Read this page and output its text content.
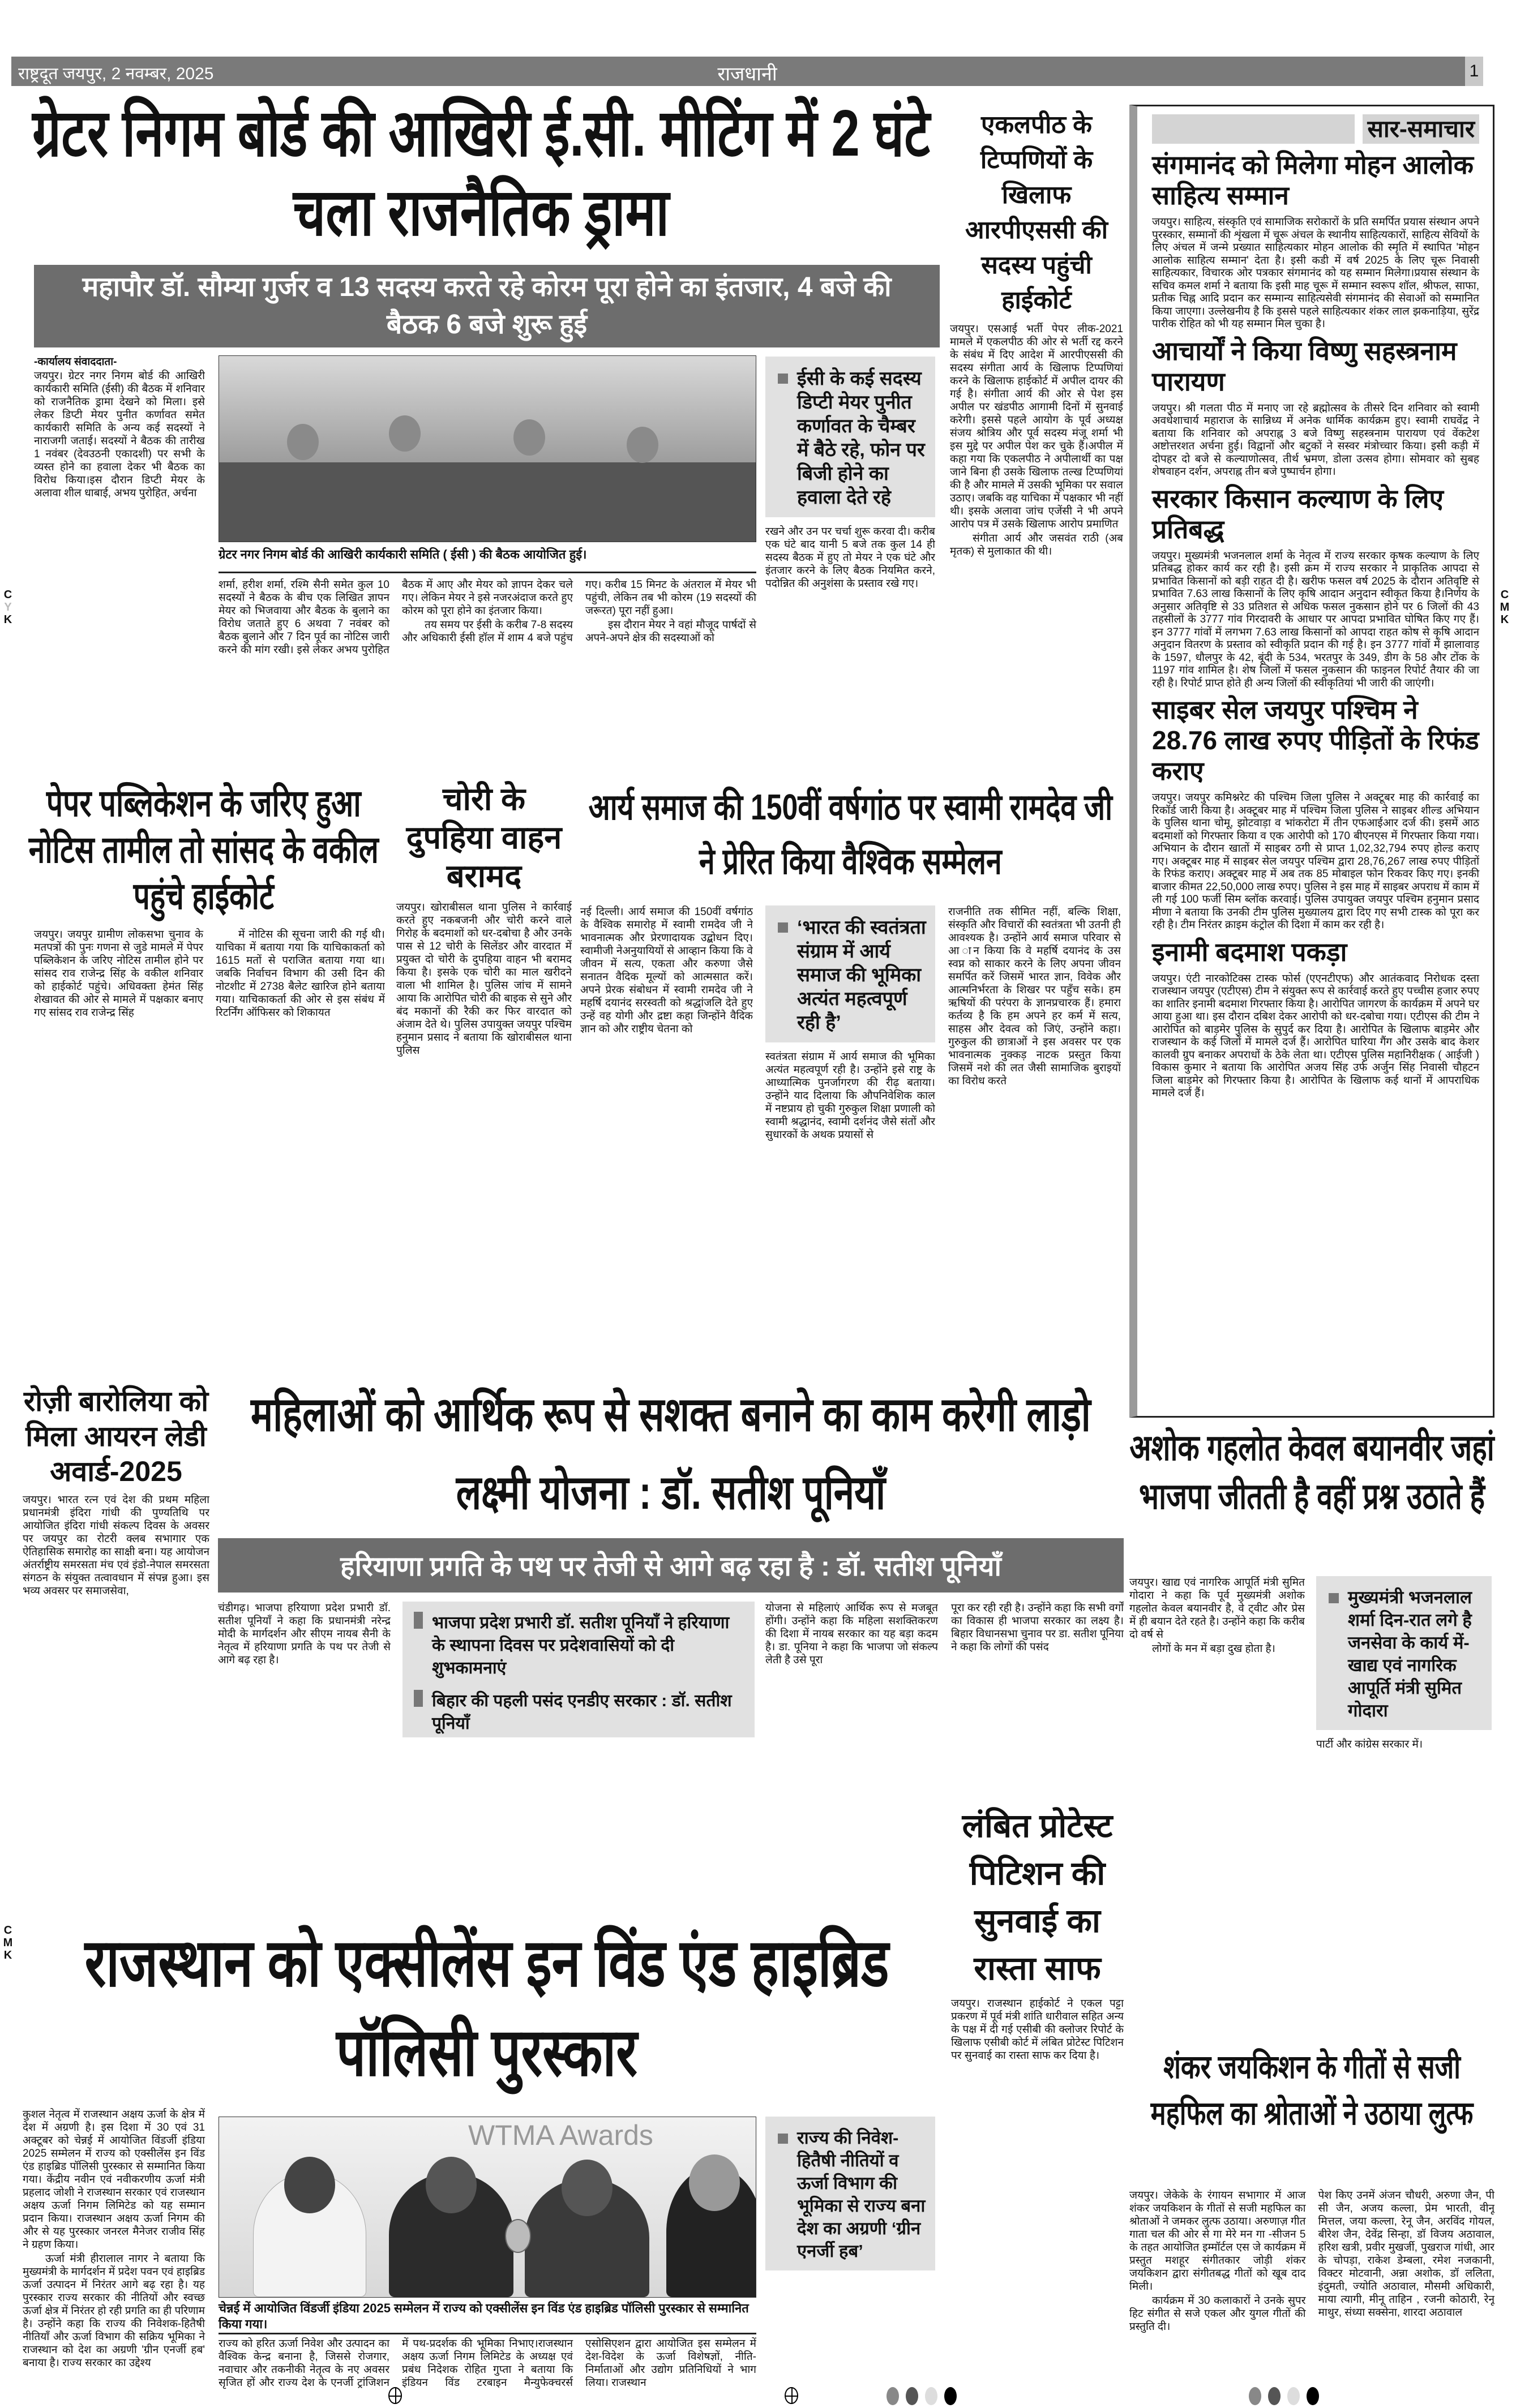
राष्ट्रदूत जयपुर, 2 नवम्बर, 2025	राजधानी	1
C
Y
K
C
M
K
C
M
K
ग्रेटर निगम बोर्ड की आखिरी ई.सी. मीटिंग में 2 घंटे चला राजनैतिक ड्रामा
महापौर डॉ. सौम्या गुर्जर व 13 सदस्य करते रहे कोरम पूरा होने का इंतजार, 4 बजे की बैठक 6 बजे शुरू हुई

-कार्यालय संवाददाता-

जयपुर। ग्रेटर नगर निगम बोर्ड की आखिरी कार्यकारी समिति (ईसी) की बैठक में शनिवार को राजनैतिक ड्रामा देखने को मिला। इसे लेकर डिप्टी मेयर पुनीत कर्णावत समेत कार्यकारी समिति के अन्य कई सदस्यों ने नाराजगी जताई। सदस्यों ने बैठक की तारीख 1 नवंबर (देवउठनी एकादशी) पर सभी के व्यस्त होने का हवाला देकर भी बैठक का विरोध किया।इस दौरान डिप्टी मेयर के अलावा शील धाबाई, अभय पुरोहित, अर्चना

ग्रेटर नगर निगम बोर्ड की आखिरी कार्यकारी समिति ( ईसी ) की बैठक आयोजित हुई।

शर्मा, हरीश शर्मा, रश्मि सैनी समेत कुल 10 सदस्यों ने बैठक के बीच एक लिखित ज्ञापन मेयर को भिजवाया और बैठक के बुलाने का विरोध जताते हुए 6 अथवा 7 नवंबर को बैठक बुलाने और 7 दिन पूर्व का नोटिस जारी करने की मांग रखी। इसे लेकर अभय पुरोहित बैठक में आए और मेयर को ज्ञापन देकर चले गए। लेकिन मेयर ने इसे नजरअंदाज करते हुए कोरम को पूरा होने का इंतजार किया।

तय समय पर ईसी के करीब 7-8 सदस्य और अधिकारी ईसी हॉल में शाम 4 बजे पहुंच गए। करीब 15 मिनट के अंतराल में मेयर भी पहुंची, लेकिन तब भी कोरम (19 सदस्यों की जरूरत) पूरा नहीं हुआ।

इस दौरान मेयर ने वहां मौजूद पार्षदों से अपने-अपने क्षेत्र की सदस्याओं को

ईसी के कई सदस्य डिप्टी मेयर पुनीत कर्णावत के चैम्बर में बैठे रहे, फोन पर बिजी होने का हवाला देते रहे

रखने और उन पर चर्चा शुरू करवा दी। करीब एक घंटे बाद यानी 5 बजे तक कुल 14 ही सदस्य बैठक में हुए तो मेयर ने एक घंटे और इंतजार करने के लिए बैठक नियमित करने, पदोन्नित की अनुशंसा के प्रस्ताव रखे गए।

एकलपीठ के टिप्पणियों के खिलाफ आरपीएससी की सदस्य पहुंची हाईकोर्ट

जयपुर। एसआई भर्ती पेपर लीक-2021 मामले में एकलपीठ की ओर से भर्ती रद्द करने के संबंध में दिए आदेश में आरपीएससी की सदस्य संगीता आर्य के खिलाफ टिप्पणियां करने के खिलाफ हाईकोर्ट में अपील दायर की गई है। संगीता आर्य की ओर से पेश इस अपील पर खंडपीठ आगामी दिनों में सुनवाई करेगी। इससे पहले आयोग के पूर्व अध्यक्ष संजय श्रोत्रिय और पूर्व सदस्य मंजू शर्मा भी इस मुद्दे पर अपील पेश कर चुके हैं।अपील में कहा गया कि एकलपीठ ने अपीलार्थी का पक्ष जाने बिना ही उसके खिलाफ तल्ख टिप्पणियां की है और मामले में उसकी भूमिका पर सवाल उठाए। जबकि वह याचिका में पक्षकार भी नहीं थी। इसके अलावा जांच एजेंसी ने भी अपने आरोप पत्र में उसके खिलाफ आरोप प्रमाणित

संगीता आर्य और जसवंत राठी (अब मृतक) से मुलाकात की थी।

सार-समाचार
संगमानंद को मिलेगा मोहन आलोक साहित्य सम्मान
जयपुर। साहित्य, संस्कृति एवं सामाजिक सरोकारों के प्रति समर्पित प्रयास संस्थान अपने पुरस्कार, सम्मानों की शृंखला में चूरू अंचल के स्थानीय साहित्यकारों, साहित्य सेवियों के लिए अंचल में जन्मे प्रख्यात साहित्यकार मोहन आलोक की स्मृति में स्थापित 'मोहन आलोक साहित्य सम्मान' देता है। इसी कडी में वर्ष 2025 के लिए चूरू निवासी साहित्यकार, विचारक ओर पत्रकार संगमानंद को यह सम्मान मिलेगा।प्रयास संस्थान के सचिव कमल शर्मा ने बताया कि इसी माह चूरू में सम्मान स्वरूप शॉल, श्रीफल, साफा, प्रतीक चिह्न आदि प्रदान कर सम्मान्य साहित्यसेवी संगमानंद की सेवाओं को सम्मानित किया जाएगा। उल्लेखनीय है कि इससे पहले साहित्यकार शंकर लाल झकनाड़िया, सुरेंद्र पारीक रोहित को भी यह सम्मान मिल चुका है।
आचार्यों ने किया विष्णु सहस्त्रनाम पारायण
जयपुर। श्री गलता पीठ में मनाए जा रहे ब्रह्मोत्सव के तीसरे दिन शनिवार को स्वामी अवधेशाचार्य महाराज के सान्निध्य में अनेक धार्मिक कार्यक्रम हुए। स्वामी राघवेंद्र ने बताया कि शनिवार को अपराह्न 3 बजे विष्णु सहस्त्रनाम पारायण एवं वेंकटेश अष्टोत्तरशत अर्चना हुई। विद्वानों और बटुकों ने सस्वर मंत्रोच्चार किया। इसी कड़ी में दोपहर दो बजे से कल्याणोत्सव, तीर्थ भ्रमण, डोला उत्सव होगा। सोमवार को सुबह शेषवाहन दर्शन, अपराह्न तीन बजे पुष्पार्चन होगा।
सरकार किसान कल्याण के लिए प्रतिबद्ध
जयपुर। मुख्यमंत्री भजनलाल शर्मा के नेतृत्व में राज्य सरकार कृषक कल्याण के लिए प्रतिबद्ध होकर कार्य कर रही है। इसी क्रम में राज्य सरकार ने प्राकृतिक आपदा से प्रभावित किसानों को बड़ी राहत दी है। खरीफ फसल वर्ष 2025 के दौरान अतिवृष्टि से प्रभावित 7.63 लाख किसानों के लिए कृषि आदान अनुदान स्वीकृत किया है।निर्णय के अनुसार अतिवृष्टि से 33 प्रतिशत से अधिक फसल नुकसान होने पर 6 जिलों की 43 तहसीलों के 3777 गांव गिरदावरी के आधार पर आपदा प्रभावित घोषित किए गए हैं। इन 3777 गांवों में लगभग 7.63 लाख किसानों को आपदा राहत कोष से कृषि आदान अनुदान वितरण के प्रस्ताव को स्वीकृति प्रदान की गई है। इन 3777 गांवों में झालावाड़ के 1597, धौलपुर के 42, बूंदी के 534, भरतपुर के 349, डीग के 58 और टोंक के 1197 गांव शामिल है। शेष जिलों में फसल नुकसान की फाइनल रिपोर्ट तैयार की जा रही है। रिपोर्ट प्राप्त होते ही अन्य जिलों की स्वीकृतियां भी जारी की जाएंगी।
साइबर सेल जयपुर पश्चिम ने 28.76 लाख रुपए पीड़ितों के रिफंड कराए
जयपुर। जयपुर कमिश्नरेट की पश्चिम जिला पुलिस ने अक्टूबर माह की कार्रवाई का रिकॉर्ड जारी किया है। अक्टूबर माह में पश्चिम जिला पुलिस ने साइबर शील्ड अभियान के पुलिस थाना चोमू, झोटवाड़ा व भांकरोटा में तीन एफआईआर दर्ज की। इसमें आठ बदमाशों को गिरफ्तार किया व एक आरोपी को 170 बीएनएस में गिरफ्तार किया गया। अभियान के दौरान खातों में साइबर ठगी से प्राप्त 1,02,32,794 रुपए होल्ड कराए गए। अक्टूबर माह में साइबर सेल जयपुर पश्चिम द्वारा 28,76,267 लाख रुपए पीड़ितों के रिफंड कराए। अक्टूबर माह में अब तक 85 मोबाइल फोन रिकवर किए गए। इनकी बाजार कीमत 22,50,000 लाख रुपए। पुलिस ने इस माह में साइबर अपराध में काम में ली गई 100 फर्जी सिम ब्लॉक करवाई। पुलिस उपायुक्त जयपुर पश्चिम हनुमान प्रसाद मीणा ने बताया कि उनकी टीम पुलिस मुख्यालय द्वारा दिए गए सभी टास्क को पूरा कर रही है। टीम निरंतर क्राइम कंट्रोल की दिशा में काम कर रही है।
इनामी बदमाश पकड़ा
जयपुर। एंटी नारकोटिक्स टास्क फोर्स (एएनटीएफ) और आतंकवाद निरोधक दस्ता राजस्थान जयपुर (एटीएस) टीम ने संयुक्त रूप से कार्रवाई करते हुए पच्चीस हजार रुपए का शातिर इनामी बदमाश गिरफ्तार किया है। आरोपित जागरण के कार्यक्रम में अपने घर आया हुआ था। इस दौरान दबिश देकर आरोपी को धर-दबोचा गया। एटीएस की टीम ने आरोपित को बाड़मेर पुलिस के सुपुर्द कर दिया है। आरोपित के खिलाफ बाड़मेर और राजस्थान के कई जिलों में मामले दर्ज हैं। आरोपित घारिया गैंग और उसके बाद केशर कालवी ग्रुप बनाकर अपराधों के ठेके लेता था। एटीएस पुलिस महानिरीक्षक ( आईजी ) विकास कुमार ने बताया कि आरोपित अजय सिंह उर्फ अर्जुन सिंह निवासी चौहटन जिला बाड़मेर को गिरफ्तार किया है। आरोपित के खिलाफ कई थानों में आपराधिक मामले दर्ज हैं।
पेपर पब्लिकेशन के जरिए हुआ नोटिस तामील तो सांसद के वकील पहुंचे हाईकोर्ट

जयपुर। जयपुर ग्रामीण लोकसभा चुनाव के मतपत्रों की पुनः गणना से जुडे मामले में पेपर पब्लिकेशन के जरिए नोटिस तामील होने पर सांसद राव राजेन्द्र सिंह के वकील शनिवार को हाईकोर्ट पहुंचे। अधिवक्ता हेमंत सिंह शेखावत की ओर से मामले में पक्षकार बनाए गए सांसद राव राजेन्द्र सिंह

में नोटिस की सूचना जारी की गई थी। याचिका में बताया गया कि याचिकाकर्ता को 1615 मतों से पराजित बताया गया था। जबकि निर्वाचन विभाग की उसी दिन की नोटशीट में 2738 बैलेट खारिज होने बताया गया। याचिकाकर्ता की ओर से इस संबंध में रिटर्निंग ऑफिसर को शिकायत

चोरी के दुपहिया वाहन बरामद

जयपुर। खोराबीसल थाना पुलिस ने कार्रवाई करते हुए नकबजनी और चोरी करने वाले गिरोह के बदमाशों को धर-दबोचा है और उनके पास से 12 चोरी के सिलेंडर और वारदात में प्रयुक्त दो चोरी के दुपहिया वाहन भी बरामद किया है। इसके एक चोरी का माल खरीदने वाला भी शामिल है। पुलिस जांच में सामने आया कि आरोपित चोरी की बाइक से सुने और बंद मकानों की रैकी कर फिर वारदात को अंजाम देते थे। पुलिस उपायुक्त जयपुर पश्चिम हनुमान प्रसाद ने बताया कि खोराबीसल थाना पुलिस

आर्य समाज की 150वीं वर्षगांठ पर स्वामी रामदेव जी ने प्रेरित किया वैश्विक सम्मेलन

नई दिल्ली। आर्य समाज की 150वीं वर्षगांठ के वैश्विक समारोह में स्वामी रामदेव जी ने भावनात्मक और प्रेरणादायक उद्बोधन दिए। स्वामीजी नेअनुयायियों से आव्हान किया कि वे जीवन में सत्य, एकता और करुणा जैसे सनातन वैदिक मूल्यों को आत्मसात करें। अपने प्रेरक संबोधन में स्वामी रामदेव जी ने महर्षि दयानंद सरस्वती को श्रद्धांजलि देते हुए उन्हें वह योगी और द्रष्टा कहा जिन्होंने वैदिक ज्ञान को और राष्ट्रीय चेतना को

‘भारत की स्वतंत्रता संग्राम में आर्य समाज की भूमिका अत्यंत महत्वपूर्ण रही है’

स्वतंत्रता संग्राम में आर्य समाज की भूमिका अत्यंत महत्वपूर्ण रही है। उन्होंने इसे राष्ट्र के आध्यात्मिक पुनर्जागरण की रीढ़ बताया। उन्होंने याद दिलाया कि औपनिवेशिक काल में नष्टप्राय हो चुकी गुरुकुल शिक्षा प्रणाली को स्वामी श्रद्धानंद, स्वामी दर्शनंद जैसे संतों और सुधारकों के अथक प्रयासों से

राजनीति तक सीमित नहीं, बल्कि शिक्षा, संस्कृति और विचारों की स्वतंत्रता भी उतनी ही आवश्यक है। उन्होंने आर्य समाज परिवार से आ ान किया कि वे महर्षि दयानंद के उस स्वप्न को साकार करने के लिए अपना जीवन समर्पित करें जिसमें भारत ज्ञान, विवेक और आत्मनिर्भरता के शिखर पर पहुँच सके। हम ऋषियों की परंपरा के ज्ञानप्रचारक हैं। हमारा कर्तव्य है कि हम अपने हर कर्म में सत्य, साहस और देवत्व को जिएं, उन्होंने कहा।गुरुकुल की छात्राओं ने इस अवसर पर एक भावनात्मक नुक्कड़ नाटक प्रस्तुत किया जिसमें नशे की लत जैसी सामाजिक बुराइयों का विरोध करते

रोज़ी बारोलिया को मिला आयरन लेडी अवार्ड-2025

जयपुर। भारत रत्न एवं देश की प्रथम महिला प्रधानमंत्री इंदिरा गांधी की पुण्यतिथि पर आयोजित इंदिरा गांधी संकल्प दिवस के अवसर पर जयपुर का रोटरी क्लब सभागार एक ऐतिहासिक समारोह का साक्षी बना। यह आयोजन अंतर्राष्ट्रीय समरसता मंच एवं इंडो-नेपाल समरसता संगठन के संयुक्त तत्वावधान में संपन्न हुआ। इस भव्य अवसर पर समाजसेवा,

महिलाओं को आर्थिक रूप से सशक्त बनाने का काम करेगी लाड़ो लक्ष्मी योजना : डॉ. सतीश पूनियाँ
हरियाणा प्रगति के पथ पर तेजी से आगे बढ़ रहा है : डॉ. सतीश पूनियाँ

चंडीगढ़। भाजपा हरियाणा प्रदेश प्रभारी डॉ. सतीश पूनियाँ ने कहा कि प्रधानमंत्री नरेन्द्र मोदी के मार्गदर्शन और सीएम नायब सैनी के नेतृत्व में हरियाणा प्रगति के पथ पर तेजी से आगे बढ़ रहा है।

भाजपा प्रदेश प्रभारी डॉ. सतीश पूनियाँ ने हरियाणा के स्थापना दिवस पर प्रदेशवासियों को दी शुभकामनाएं
बिहार की पहली पसंद एनडीए सरकार : डॉ. सतीश पूनियाँ

योजना से महिलाएं आर्थिक रूप से मजबूत होंगी। उन्होंने कहा कि महिला सशक्तिकरण की दिशा में नायब सरकार का यह बड़ा कदम है। डा. पूनिया ने कहा कि भाजपा जो संकल्प लेती है उसे पूरा

पूरा कर रही रही है। उन्होंने कहा कि सभी वर्गों का विकास ही भाजपा सरकार का लक्ष्य है। बिहार विधानसभा चुनाव पर डा. सतीश पूनिया ने कहा कि लोगों की पसंद

अशोक गहलोत केवल बयानवीर जहां भाजपा जीतती है वहीं प्रश्न उठाते हैं

जयपुर। खाद्य एवं नागरिक आपूर्ति मंत्री सुमित गोदारा ने कहा कि पूर्व मुख्यमंत्री अशोक गहलोत केवल बयानवीर है, वे ट्वीट और प्रेस में ही बयान देते रहते है। उन्होंने कहा कि करीब दो वर्ष से

लोगों के मन में बड़ा दुख होता है।

मुख्यमंत्री भजनलाल शर्मा दिन-रात लगे है जनसेवा के कार्य में- खाद्य एवं नागरिक आपूर्ति मंत्री सुमित गोदारा

पार्टी और कांग्रेस सरकार में।

राजस्थान को एक्सीलेंस इन विंड एंड हाइब्रिड पॉलिसी पुरस्कार

कुशल नेतृत्व में राजस्थान अक्षय ऊर्जा के क्षेत्र में देश में अग्रणी है। इस दिशा में 30 एवं 31 अक्टूबर को चेन्नई में आयोजित विंडर्जी इंडिया 2025 सम्मेलन में राज्य को एक्सीलेंस इन विंड एंड हाइब्रिड पॉलिसी पुरस्कार से सम्मानित किया गया। केंद्रीय नवीन एवं नवीकरणीय ऊर्जा मंत्री प्रहलाद जोशी ने राजस्थान सरकार एवं राजस्थान अक्षय ऊर्जा निगम लिमिटेड को यह सम्मान प्रदान किया। राजस्थान अक्षय ऊर्जा निगम की और से यह पुरस्कार जनरल मैनेजर राजीव सिंह ने ग्रहण किया।

ऊर्जा मंत्री हीरालाल नागर ने बताया कि मुख्यमंत्री के मार्गदर्शन में प्रदेश पवन एवं हाइब्रिड ऊर्जा उत्पादन में निरंतर आगे बढ़ रहा है। यह पुरस्कार राज्य सरकार की नीतियों और स्वच्छ ऊर्जा क्षेत्र में निरंतर हो रही प्रगति का ही परिणाम है। उन्होंने कहा कि राज्य की निवेशक-हितैषी नीतियाँ और ऊर्जा विभाग की सक्रिय भूमिका ने राजस्थान को देश का अग्रणी 'ग्रीन एनर्जी हब' बनाया है। राज्य सरकार का उद्देश्य

WTMA Awards
चेन्नई में आयोजित विंडर्जी इंडिया 2025 सम्मेलन में राज्य को एक्सीलेंस इन विंड एंड हाइब्रिड पॉलिसी पुरस्कार से सम्मानित किया गया।

राज्य को हरित ऊर्जा निवेश और उत्पादन का वैश्विक केन्द्र बनाना है, जिससे रोजगार, नवाचार और तकनीकी नेतृत्व के नए अवसर सृजित हों और राज्य देश के एनर्जी ट्रांजिशन में पथ-प्रदर्शक की भूमिका निभाए।राजस्थान अक्षय ऊर्जा निगम लिमिटेड के अध्यक्ष एवं प्रबंध निदेशक रोहित गुप्ता ने बताया कि इंडियन विंड टरबाइन मैन्युफेक्चरर्स एसोसिएशन द्वारा आयोजित इस सम्मेलन में देश-विदेश के ऊर्जा विशेषज्ञों, नीति-निर्माताओं और उद्योग प्रतिनिधियों ने भाग लिया। राजस्थान

राज्य की निवेश-हितैषी नीतियों व ऊर्जा विभाग की भूमिका से राज्य बना देश का अग्रणी ‘ग्रीन एनर्जी हब’
लंबित प्रोटेस्ट पिटिशन की सुनवाई का रास्ता साफ

जयपुर। राजस्थान हाईकोर्ट ने एकल पट्टा प्रकरण में पूर्व मंत्री शांति धारीवाल सहित अन्य के पक्ष में दी गई एसीबी की क्लोजर रिपोर्ट के खिलाफ एसीबी कोर्ट में लंबित प्रोटेस्ट पिटिशन पर सुनवाई का रास्ता साफ कर दिया है।	शंकर जयकिशन के गीतों से सजी महफिल का श्रोताओं ने उठाया लुत्फ

जयपुर। जेकेके के रंगायन सभागार में आज शंकर जयकिशन के गीतों से सजी महफिल का श्रोताओं ने जमकर लुत्फ उठाया। अरुणाज़ गीत गाता चल की ओर से गा मेरे मन गा -सीजन 5 के तहत आयोजित इम्मॉर्टल एस जे कार्यक्रम में प्रस्तुत मशहूर संगीतकार जोड़ी शंकर जयकिशन द्वारा संगीतबद्ध गीतों को खूब दाद मिली।

कार्यक्रम में 30 कलाकारों ने उनके सुपर हिट संगीत से सजे एकल और युगल गीतों की प्रस्तुति दी।

पेश किए उनमें अंजन चौधरी, अरुणा जैन, पी सी जैन, अजय कल्ला, प्रेम भारती, वीनू मित्तल, जया कल्ला, रेनू जैन, अरविंद गोयल, बीरेश जैन, देवेंद्र सिन्हा, डॉ विजय अठावाल, हरिश खत्री, प्रवीर मुखर्जी, पुखराज गांधी, आर के चोपड़ा, राकेश डेम्बला, रमेश नजकानी, विक्टर मोटवानी, अन्ना अशोक, डॉ ललिता, इंदुमती, ज्योति अठावाल, मौसमी अधिकारी, माया त्यागी, मीनू ताहिन , रजनी कोठारी, रेनू माथुर, संध्या सक्सेना, शारदा अठावाल
